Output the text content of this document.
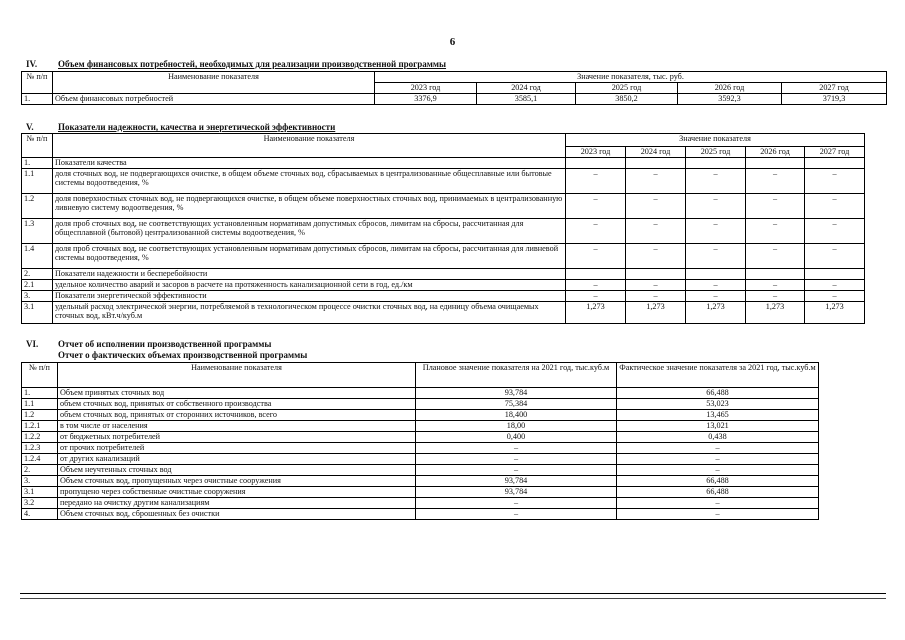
6
IV. Объем финансовых потребностей, необходимых для реализации производственной программы
№ п/п	Наименование показателя	Значение показателя, тыс. руб.				
		2023 год	2024 год	2025 год	2026 год	2027 год
1.	Объем финансовых потребностей	3376,9	3585,1	3850,2	3592,3	3719,3
V.	Показатели надежности, качества и энергетической эффективности
№ п/п	Наименование показателя	Значение показателя				
		2023 год	2024 год	2025 год	2026 год	2027 год
1.	Показатели качества					
1.1	доля сточных вод, не подвергающихся очистке, в общем объеме сточных вод, сбрасываемых в централизованные общесплавные или бытовые системы водоотведения, %	–	–	–	–	–
1.2	доля поверхностных сточных вод, не подвергающихся очистке, в общем объеме поверхностных сточных вод, принимаемых в централизованную ливневую систему водоотведения, %	–	–	–	–	–
1.3	доля проб сточных вод, не соответствующих установленным нормативам допустимых сбросов, лимитам на сбросы, рассчитанная для общесплавной (бытовой) централизованной системы водоотведения, %	–	–	–	–	–
1.4	доля проб сточных вод, не соответствующих установленным нормативам допустимых сбросов, лимитам на сбросы, рассчитанная для ливневой системы водоотведения, %	–	–	–	–	–
2.	Показатели надежности и бесперебойности					
2.1	удельное количество аварий и засоров в расчете на протяженность канализационной сети в год, ед./км	–	–	–	–	–
3.	Показатели энергетической эффективности	–	–	–	–	–
3.1	удельный расход электрической энергии, потребляемой в технологическом процессе очистки сточных вод, на единицу объема очищаемых сточных вод, кВт.ч/куб.м	1,273	1,273	1,273	1,273	1,273
VI. Отчет об исполнении производственной программы
Отчет о фактических объемах производственной программы
№ п/п	Наименование показателя	Плановое значение показателя на 2021 год, тыс.куб.м	Фактическое значение показателя за 2021 год, тыс.куб.м
1.	Объем принятых сточных вод	93,784	66,488
1.1	объем сточных вод, принятых от собственного производства	75,384	53,023
1.2	объем сточных вод, принятых от сторонних источников, всего	18,400	13,465
1.2.1	в том числе от населения	18,00	13,021
1.2.2	от бюджетных потребителей	0,400	0,438
1.2.3	от прочих потребителей	–	–
1.2.4	от других канализаций	–	–
2.	Объем неучтенных сточных вод	–	–
3.	Объем сточных вод, пропущенных через очистные сооружения	93,784	66,488
3.1	пропущено через собственные очистные сооружения	93,784	66,488
3.2	передано на очистку другим канализациям	–	–
4.	Объем сточных вод, сброшенных без очистки	–	–
